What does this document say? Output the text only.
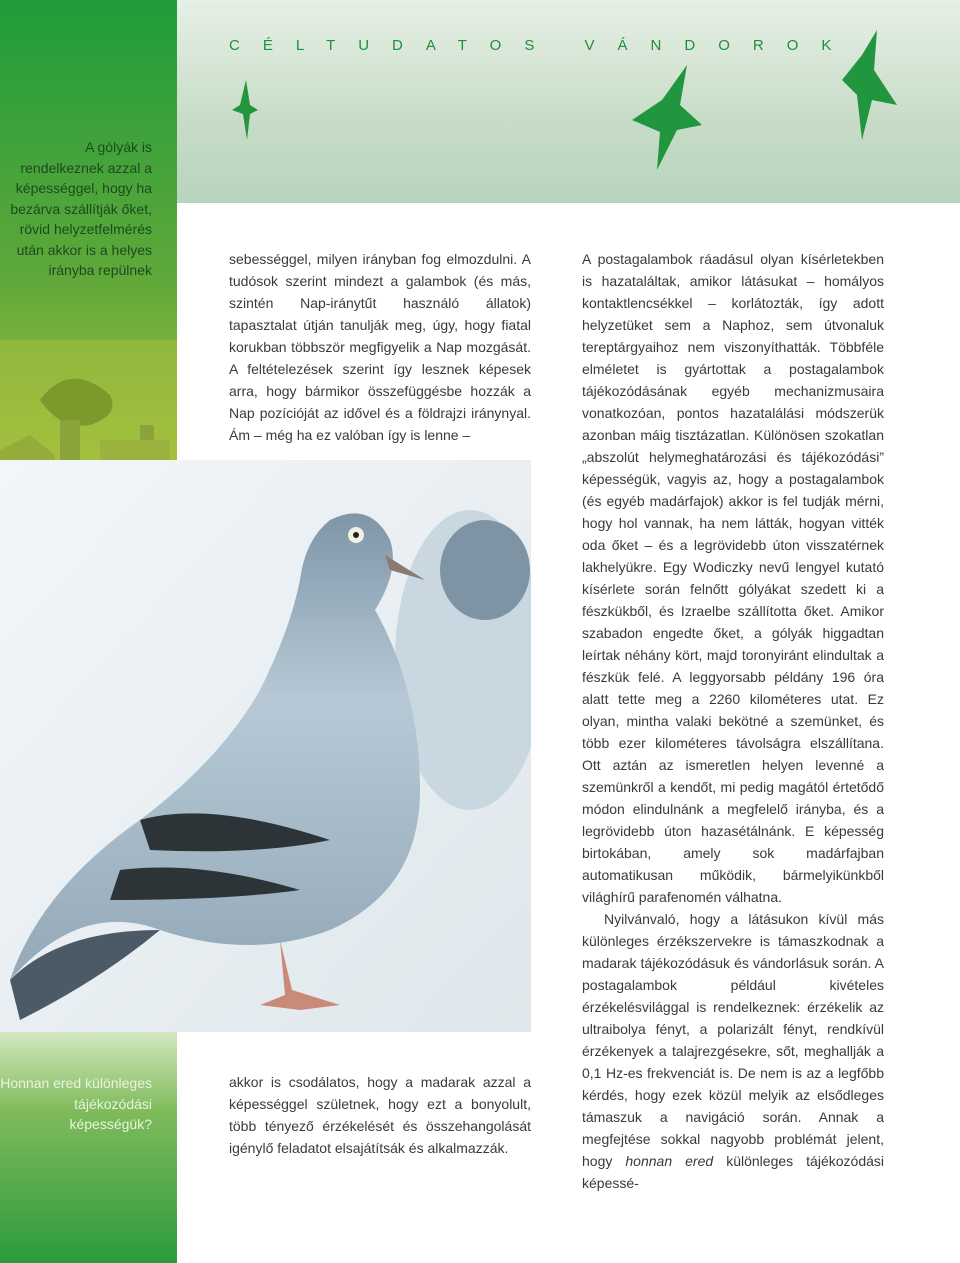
A gólyák is rendelkeznek azzal a képességgel, hogy ha bezárva szállítják őket, rövid helyzetfelmérés után akkor is a helyes irányba repülnek
Honnan ered különleges tájékozódási képességük?
CÉLTUDATOS VÁNDOROK

sebességgel, milyen irányban fog elmozdulni. A tudósok szerint mindezt a galambok (és más, szintén Nap-iránytűt használó állatok) tapasztalat útján tanulják meg, úgy, hogy fiatal korukban többször megfigyelik a Nap mozgását. A feltételezések szerint így lesznek képesek arra, hogy bármikor összefüggésbe hozzák a Nap pozícióját az idővel és a földrajzi iránynyal. Ám – még ha ez valóban így is lenne –

akkor is csodálatos, hogy a madarak azzal a képességgel születnek, hogy ezt a bonyolult, több tényező érzékelését és összehangolását igénylő feladatot elsajátítsák és alkalmazzák.

A postagalambok ráadásul olyan kísérletekben is hazataláltak, amikor látásukat – homályos kontaktlencsékkel – korlátozták, így adott helyzetüket sem a Naphoz, sem útvonaluk tereptárgyaihoz nem viszonyíthatták. Többféle elméletet is gyártottak a postagalambok tájékozódásának egyéb mechanizmusaira vonatkozóan, pontos hazatalálási módszerük azonban máig tisztázatlan. Különösen szokatlan „abszolút helymeghatározási és tájékozódási” képességük, vagyis az, hogy a postagalambok (és egyéb madárfajok) akkor is fel tudják mérni, hogy hol vannak, ha nem látták, hogyan vitték oda őket – és a legrövidebb úton visszatérnek lakhelyükre. Egy Wodiczky nevű lengyel kutató kísérlete során felnőtt gólyákat szedett ki a fészkükből, és Izraelbe szállította őket. Amikor szabadon engedte őket, a gólyák higgadtan leírtak néhány kört, majd toronyiránt elindultak a fészkük felé. A leggyorsabb példány 196 óra alatt tette meg a 2260 kilométeres utat. Ez olyan, mintha valaki bekötné a szemünket, és több ezer kilométeres távolságra elszállítana. Ott aztán az ismeretlen helyen levenné a szemünkről a kendőt, mi pedig magától értetődő módon elindulnánk a megfelelő irányba, és a legrövidebb úton hazasétálnánk. E képesség birtokában, amely sok madárfajban automatikusan működik, bármelyikünkből világhírű parafenomén válhatna.

Nyilvánvaló, hogy a látásukon kívül más különleges érzékszervekre is támaszkodnak a madarak tájékozódásuk és vándorlásuk során. A postagalambok például kivételes érzékelésvilággal is rendelkeznek: érzékelik az ultraibolya fényt, a polarizált fényt, rendkívül érzékenyek a talajrezgésekre, sőt, meghallják a 0,1 Hz-es frekvenciát is. De nem is az a legfőbb kérdés, hogy ezek közül melyik az elsődleges támaszuk a navigáció során. Annak a megfejtése sokkal nagyobb problémát jelent, hogy honnan ered különleges tájékozódási képessé-
